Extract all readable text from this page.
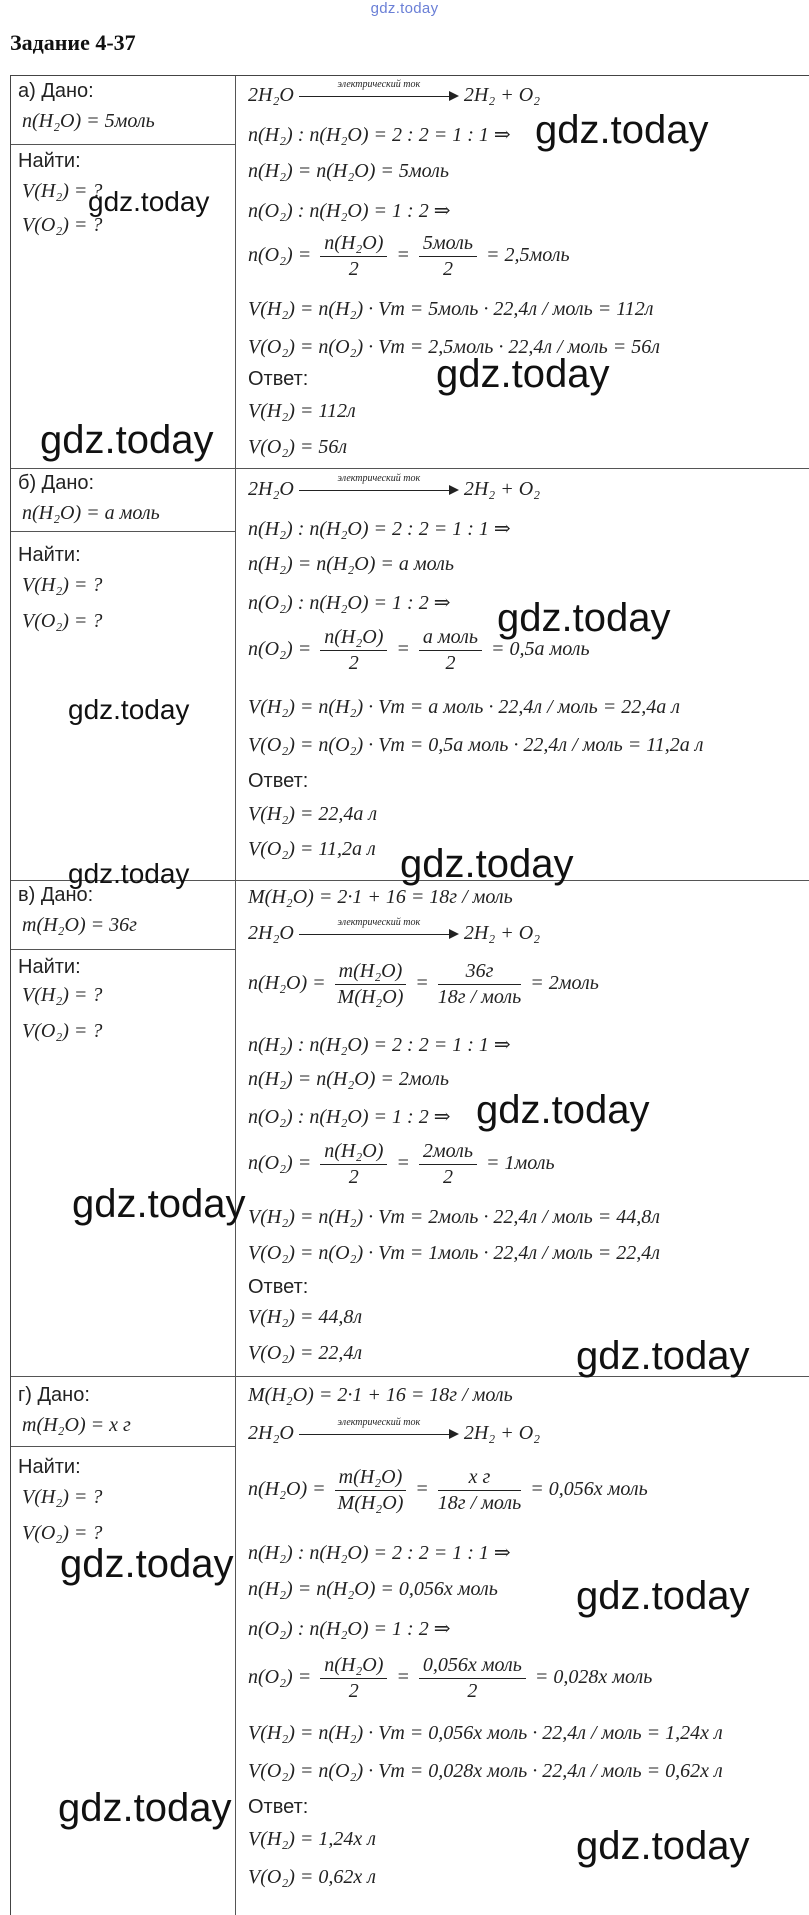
gdz.today
Задание 4-37
а) Дано:
n(H₂O) = 5моль
Найти:
V(H₂) = ?
V(O₂) = ?
2H₂O	электрический ток	2H₂ + O₂
n(H₂) : n(H₂O) = 2 : 2 = 1 : 1 ⇒
n(H₂) = n(H₂O) = 5моль
n(O₂) : n(H₂O) = 1 : 2 ⇒
$n(O_2) = \frac{\text{n(H₂O)}}{2} = \frac{\text{5моль}}{2}$ = 2,5моль
V(H₂) = n(H₂) · Vm = 5моль · 22,4л / моль = 112л
V(O₂) = n(O₂) · Vm = 2,5моль · 22,4л / моль = 56л
Ответ:
V(H₂) = 112л
V(O₂) = 56л
б) Дано:
n(H₂O) = a моль
Найти:
V(H₂) = ?
V(O₂) = ?
2H₂O	электрический ток	2H₂ + O₂
n(H₂) : n(H₂O) = 2 : 2 = 1 : 1 ⇒
n(H₂) = n(H₂O) = a моль
n(O₂) : n(H₂O) = 1 : 2 ⇒
$n(O_2) = \frac{\text{n(H₂O)}}{2} = \frac{\text{a моль}}{2} = 0,5a$ моль
V(H₂) = n(H₂) · Vm = a моль · 22,4л / моль = 22,4a л
V(O₂) = n(O₂) · Vm = 0,5a моль · 22,4л / моль = 11,2a л
Ответ:
V(H₂) = 22,4a л
V(O₂) = 11,2a л
в) Дано:
m(H₂O) = 36г
Найти:
V(H₂) = ?
V(O₂) = ?
M(H₂O) = 2·1 + 16 = 18г / моль
2H₂O	электрический ток	2H₂ + O₂
$n(H_2O) = \frac{\text{m(H₂O)}}{\text{M(H₂O)}} = \frac{36г}{\text{18г / моль}}$ = 2моль
n(H₂) : n(H₂O) = 2 : 2 = 1 : 1 ⇒
n(H₂) = n(H₂O) = 2моль
n(O₂) : n(H₂O) = 1 : 2 ⇒
$n(O_2) = \frac{\text{n(H₂O)}}{2} = \frac{\text{2моль}}{2}$ = 1моль
V(H₂) = n(H₂) · Vm = 2моль · 22,4л / моль = 44,8л
V(O₂) = n(O₂) · Vm = 1моль · 22,4л / моль = 22,4л
Ответ:
V(H₂) = 44,8л
V(O₂) = 22,4л
г) Дано:
m(H₂O) = x г
Найти:
V(H₂) = ?
V(O₂) = ?
M(H₂O) = 2·1 + 16 = 18г / моль
2H₂O	электрический ток	2H₂ + O₂
$n(H_2O) = \frac{\text{m(H₂O)}}{\text{M(H₂O)}} = \frac{\text{x г}}{\text{18г / моль}} = 0,056x$ моль
n(H₂) : n(H₂O) = 2 : 2 = 1 : 1 ⇒
n(H₂) = n(H₂O) = 0,056x моль
n(O₂) : n(H₂O) = 1 : 2 ⇒
$n(O_2) = \frac{\text{n(H₂O)}}{2} = \frac{\text{0,056x моль}}{2} = 0,028x$ моль
V(H₂) = n(H₂) · Vm = 0,056x моль · 22,4л / моль = 1,24x л
V(O₂) = n(O₂) · Vm = 0,028x моль · 22,4л / моль = 0,62x л
Ответ:
V(H₂) = 1,24x л
V(O₂) = 0,62x л
gdz.today
gdz.today
gdz.today
gdz.today
gdz.today
gdz.today
gdz.today	gdz.today
gdz.today
gdz.today
gdz.today
gdz.today
gdz.today
gdz.today
gdz.today
